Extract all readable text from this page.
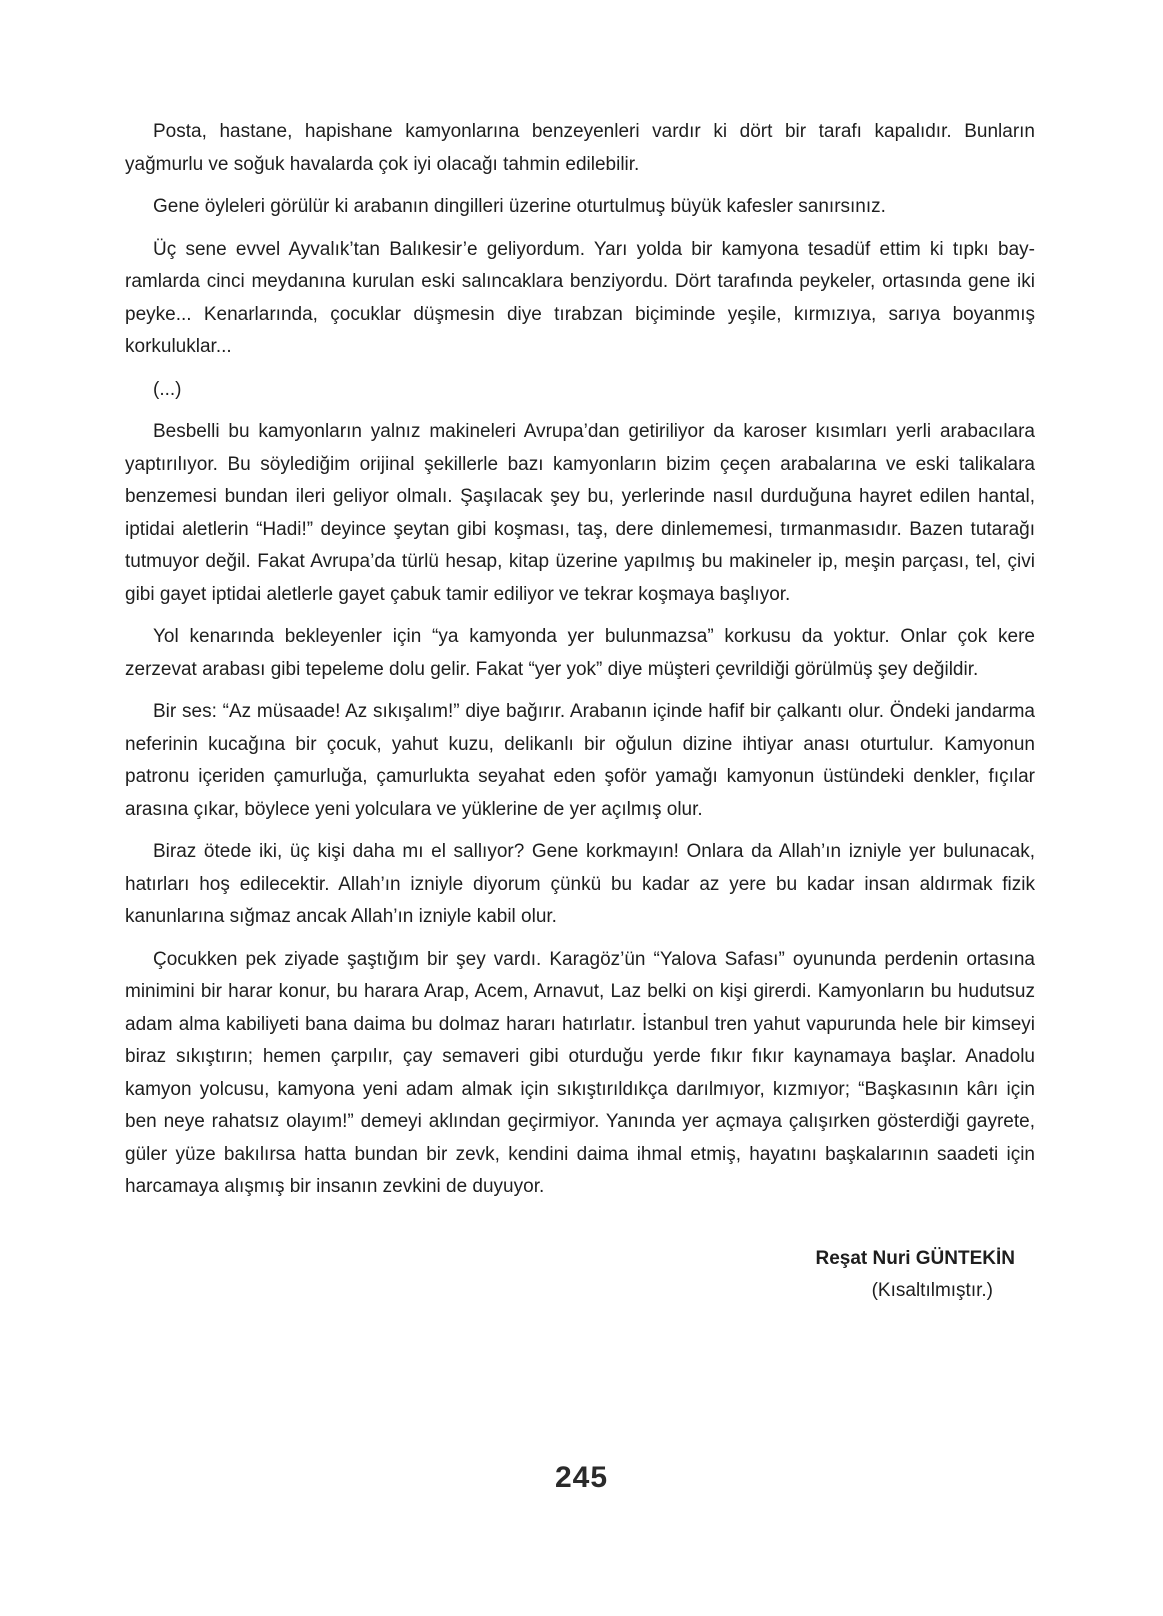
Posta, hastane, hapishane kamyonlarına benzeyenleri vardır ki dört bir tarafı kapalıdır. Bunların yağmurlu ve soğuk havalarda çok iyi olacağı tahmin edilebilir.

Gene öyleleri görülür ki arabanın dingilleri üzerine oturtulmuş büyük kafesler sanırsınız.

Üç sene evvel Ayvalık’tan Balıkesir’e geliyordum. Yarı yolda bir kamyona tesadüf ettim ki tıpkı bayramlarda cinci meydanına kurulan eski salıncaklara benziyordu. Dört tarafında peykeler, ortasında gene iki peyke... Kenarlarında, çocuklar düşmesin diye tırabzan biçiminde yeşile, kırmızıya, sarıya boyanmış korkuluklar...

(...)

Besbelli bu kamyonların yalnız makineleri Avrupa’dan getiriliyor da karoser kısımları yerli arabacılara yaptırılıyor. Bu söylediğim orijinal şekillerle bazı kamyonların bizim çeçen arabalarına ve eski talikalara benzemesi bundan ileri geliyor olmalı. Şaşılacak şey bu, yerlerinde nasıl durduğuna hayret edilen hantal, iptidai aletlerin “Hadi!” deyince şeytan gibi koşması, taş, dere dinlememesi, tırmanmasıdır. Bazen tutarağı tutmuyor değil. Fakat Avrupa’da türlü hesap, kitap üzerine yapılmış bu makineler ip, meşin parçası, tel, çivi gibi gayet iptidai aletlerle gayet çabuk tamir ediliyor ve tekrar koşmaya başlıyor.

Yol kenarında bekleyenler için “ya kamyonda yer bulunmazsa” korkusu da yoktur. Onlar çok kere zerzevat arabası gibi tepeleme dolu gelir. Fakat “yer yok” diye müşteri çevrildiği görülmüş şey değildir.

Bir ses: “Az müsaade! Az sıkışalım!” diye bağırır. Arabanın içinde hafif bir çalkantı olur. Öndeki jandarma neferinin kucağına bir çocuk, yahut kuzu, delikanlı bir oğulun dizine ihtiyar anası oturtulur. Kamyonun patronu içeriden çamurluğa, çamurlukta seyahat eden şoför yamağı kamyonun üstündeki denkler, fıçılar arasına çıkar, böylece yeni yolculara ve yüklerine de yer açılmış olur.

Biraz ötede iki, üç kişi daha mı el sallıyor? Gene korkmayın! Onlara da Allah’ın izniyle yer bulunacak, hatırları hoş edilecektir. Allah’ın izniyle diyorum çünkü bu kadar az yere bu kadar insan aldırmak fizik kanunlarına sığmaz ancak Allah’ın izniyle kabil olur.

Çocukken pek ziyade şaştığım bir şey vardı. Karagöz’ün “Yalova Safası” oyununda perdenin ortasına minimini bir harar konur, bu harara Arap, Acem, Arnavut, Laz belki on kişi girerdi. Kamyonların bu hudutsuz adam alma kabiliyeti bana daima bu dolmaz hararı hatırlatır. İstanbul tren yahut vapurunda hele bir kimseyi biraz sıkıştırın; hemen çarpılır, çay semaveri gibi oturduğu yerde fıkır fıkır kaynamaya başlar. Anadolu kamyon yolcusu, kamyona yeni adam almak için sıkıştırıldıkça darılmıyor, kızmıyor; “Başkasının kârı için ben neye rahatsız olayım!” demeyi aklından geçirmiyor. Yanında yer açmaya çalışırken gösterdiği gayrete, güler yüze bakılırsa hatta bundan bir zevk, kendini daima ihmal etmiş, hayatını başkalarının saadeti için harcamaya alışmış bir insanın zevkini de duyuyor.

Reşat Nuri GÜNTEKİN
(Kısaltılmıştır.)
245
